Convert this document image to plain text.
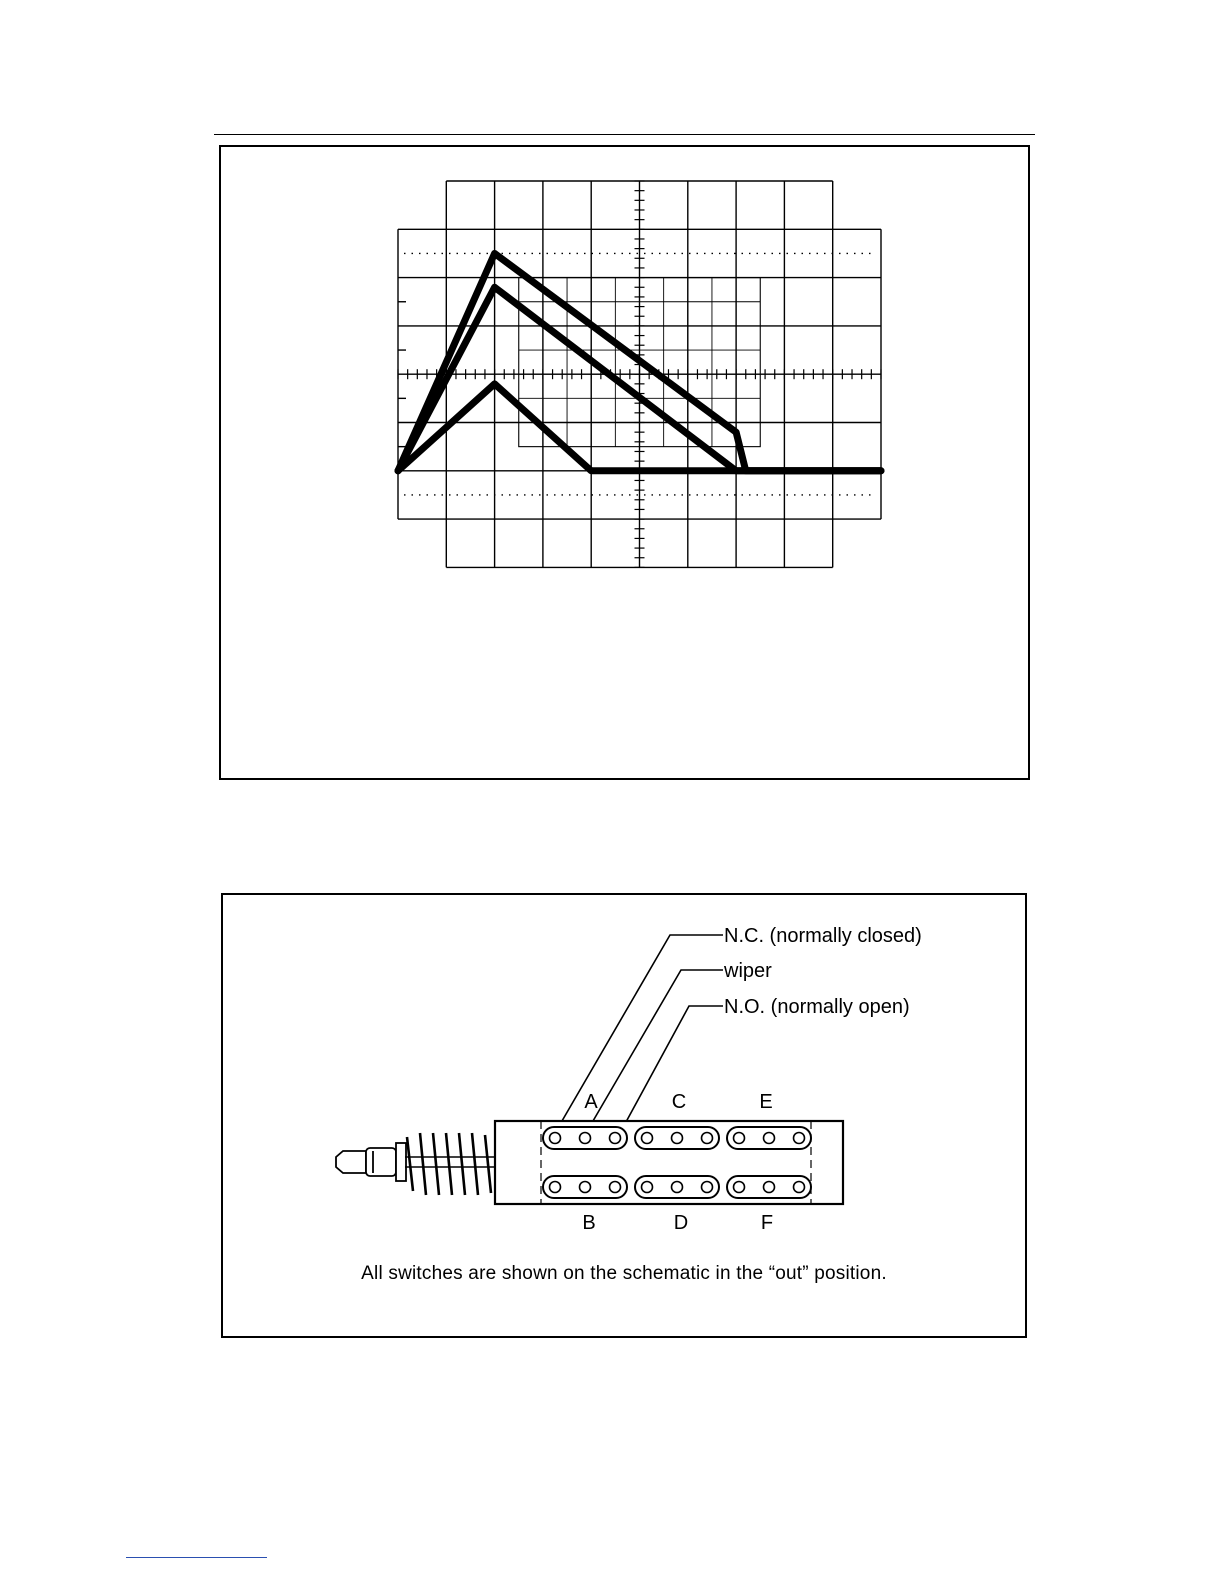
N.C. (normally closed)
wiper
N.O. (normally open)
A	C	E
B	D	F
All switches are shown on the schematic in the “out” position.
